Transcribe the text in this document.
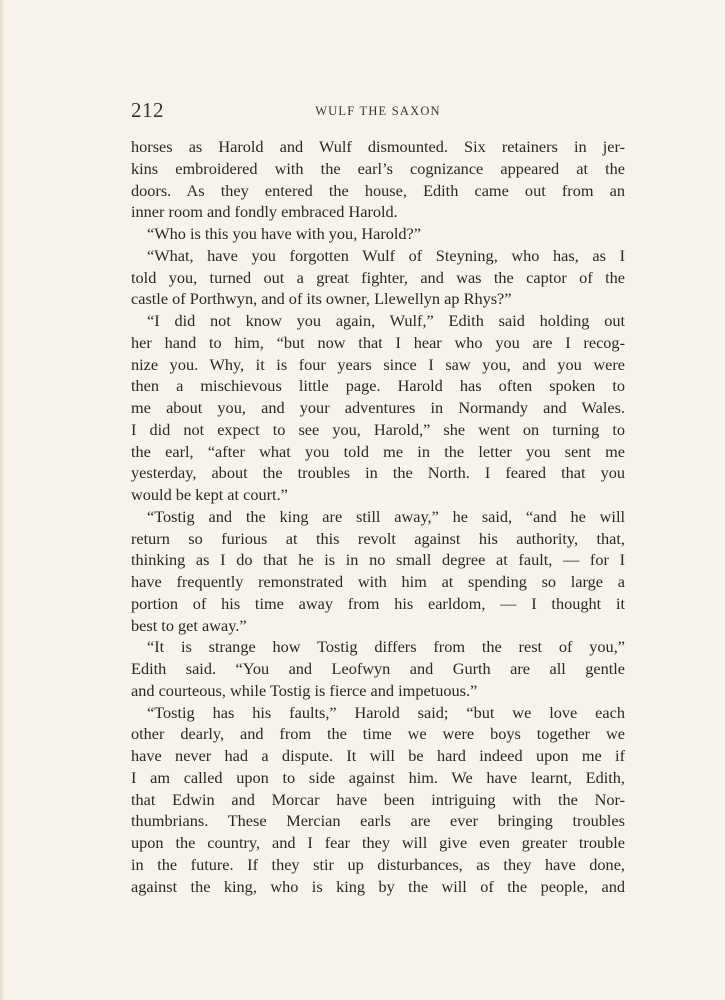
212	WULF THE SAXON
horses as Harold and Wulf dismounted. Six retainers in jer-
kins embroidered with the earl’s cognizance appeared at the
doors. As they entered the house, Edith came out from an
inner room and fondly embraced Harold.
“Who is this you have with you, Harold?”
“What, have you forgotten Wulf of Steyning, who has, as I
told you, turned out a great fighter, and was the captor of the
castle of Porthwyn, and of its owner, Llewellyn ap Rhys?”
“I did not know you again, Wulf,” Edith said holding out
her hand to him, “but now that I hear who you are I recog-
nize you. Why, it is four years since I saw you, and you were
then a mischievous little page. Harold has often spoken to
me about you, and your adventures in Normandy and Wales.
I did not expect to see you, Harold,” she went on turning to
the earl, “after what you told me in the letter you sent me
yesterday, about the troubles in the North. I feared that you
would be kept at court.”
“Tostig and the king are still away,” he said, “and he will
return so furious at this revolt against his authority, that,
thinking as I do that he is in no small degree at fault, — for I
have frequently remonstrated with him at spending so large a
portion of his time away from his earldom, — I thought it
best to get away.”
“It is strange how Tostig differs from the rest of you,”
Edith said. “You and Leofwyn and Gurth are all gentle
and courteous, while Tostig is fierce and impetuous.”
“Tostig has his faults,” Harold said; “but we love each
other dearly, and from the time we were boys together we
have never had a dispute. It will be hard indeed upon me if
I am called upon to side against him. We have learnt, Edith,
that Edwin and Morcar have been intriguing with the Nor-
thumbrians. These Mercian earls are ever bringing troubles
upon the country, and I fear they will give even greater trouble
in the future. If they stir up disturbances, as they have done,
against the king, who is king by the will of the people, and
